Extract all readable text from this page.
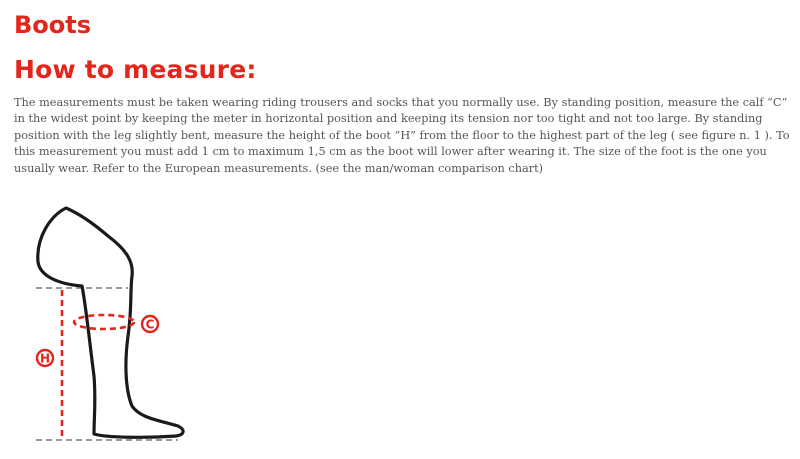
Boots
How to measure:

The measurements must be taken wearing riding trousers and socks that you normally use. By standing position, measure the calf “C” in the widest point by keeping the meter in horizontal position and keeping its tension nor too tight and not too large. By standing position with the leg slightly bent, measure the height of the boot “H” from the floor to the highest part of the leg ( see figure n. 1 ). To this measurement you must add 1 cm to maximum 1,5 cm as the boot will lower after wearing it. The size of the foot is the one you usually wear. Refer to the European measurements. (see the man/woman comparison chart)

H
C
